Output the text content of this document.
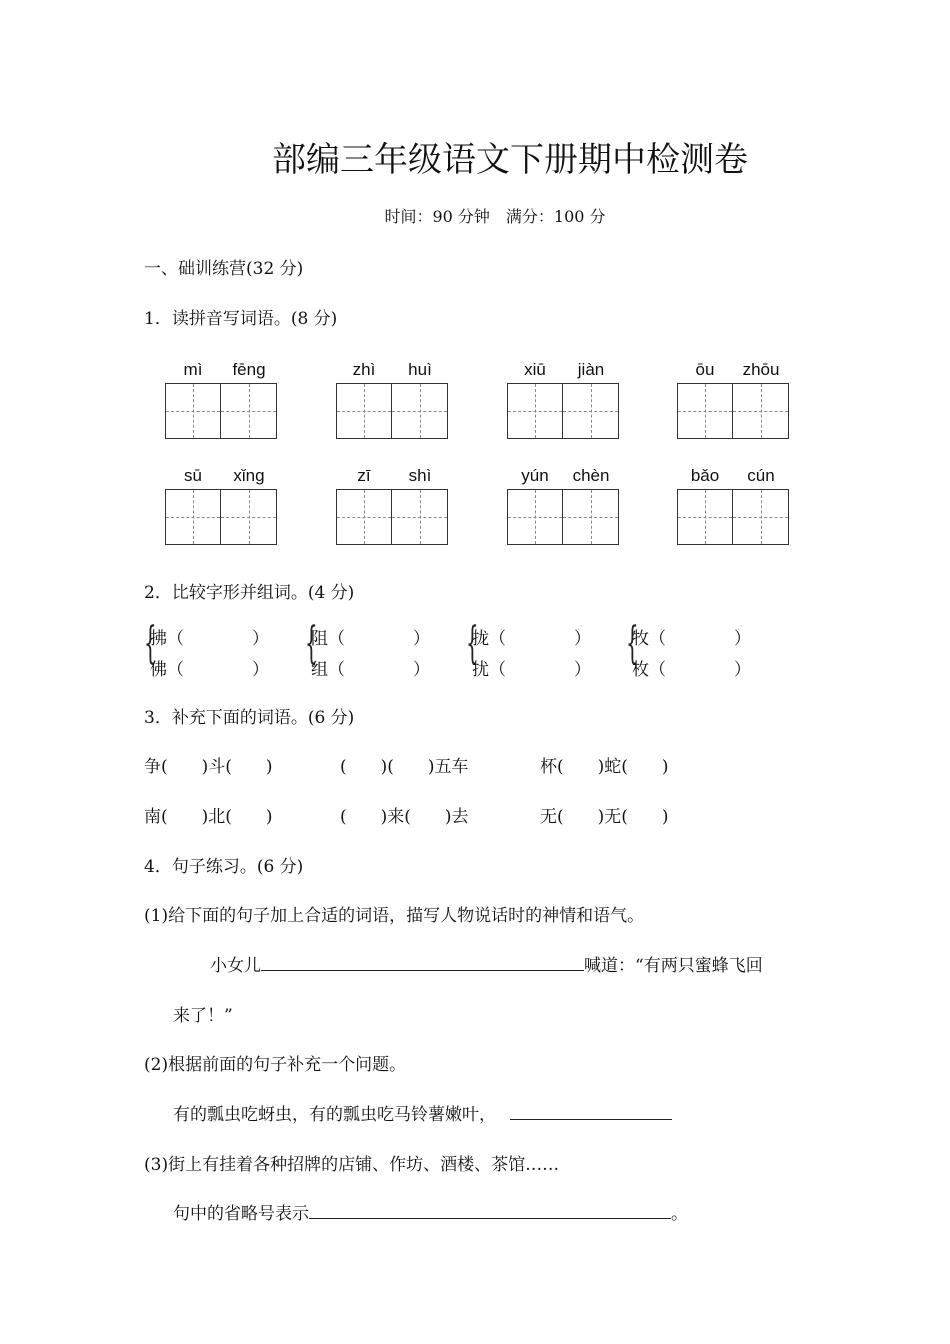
部编三年级语文下册期中检测卷
时间：90 分钟　满分：100 分
一、础训练营(32 分)
1．读拼音写词语。(8 分)
mì	fēng	zhì	huì	xiū	jiàn	ōu	zhōu
sū	xǐng	zī	shì	yún	chèn	bǎo	cún
2．比较字形并组词。(4 分)
{
拂（　　　　）
佛（　　　　）
{
阻（　　　　）
组（　　　　）
{
拢（　　　　）
扰（　　　　）
{
牧（　　　　）
枚（　　　　）
3．补充下面的词语。(6 分)
争(　　)斗(　　)	(　　)(　　)五车	杯(　　)蛇(　　)
南(　　)北(　　)	(　　)来(　　)去	无(　　)无(　　)
4．句子练习。(6 分)
(1)给下面的句子加上合适的词语，描写人物说话时的神情和语气。
小女儿	喊道：“有两只蜜蜂飞回
来了！”
(2)根据前面的句子补充一个问题。
有的瓢虫吃蚜虫，有的瓢虫吃马铃薯嫩叶，
(3)街上有挂着各种招牌的店铺、作坊、酒楼、茶馆……
句中的省略号表示	。
